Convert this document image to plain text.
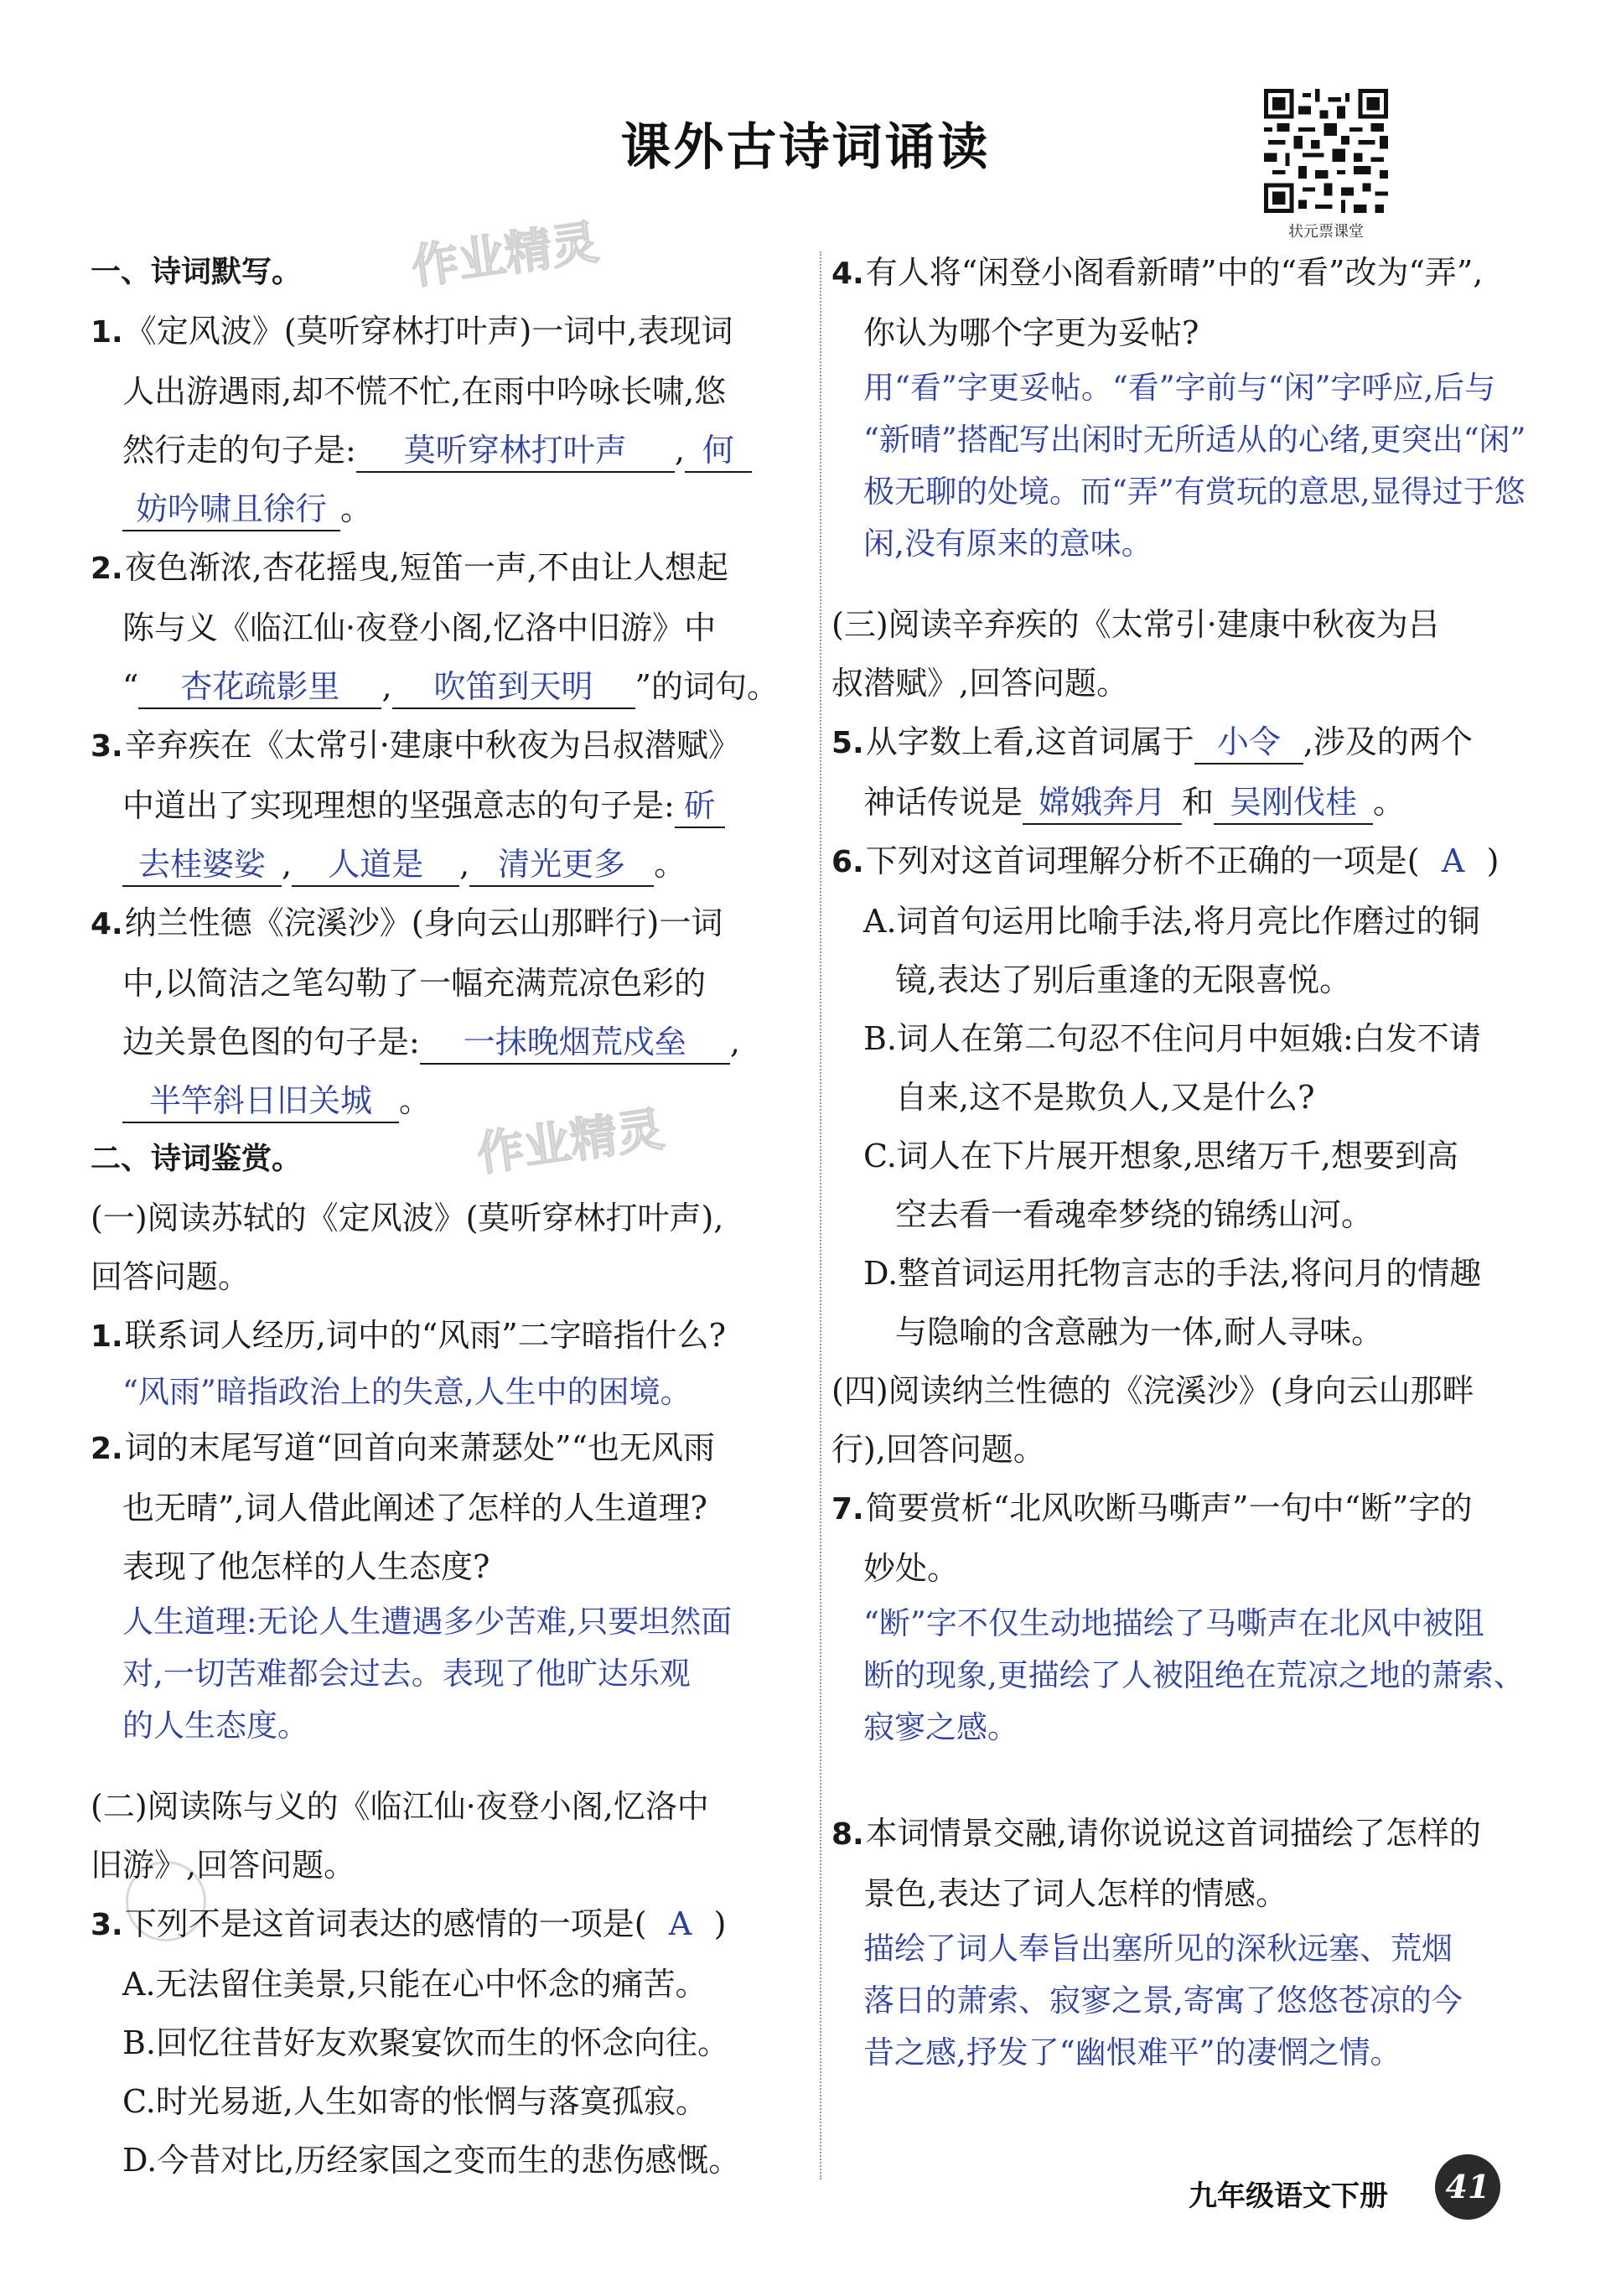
课外古诗词诵读
状元票课堂
作业精灵
作业精灵
一、诗词默写。
1.《定风波》(莫听穿林打叶声)一词中,表现词
人出游遇雨,却不慌不忙,在雨中吟咏长啸,悠
然行走的句子是: 莫听穿林打叶声 , 何
妨吟啸且徐行 。
2.夜色渐浓,杏花摇曳,短笛一声,不由让人想起
陈与义《临江仙·夜登小阁,忆洛中旧游》中
“ 杏花疏影里 , 吹笛到天明 ”的词句。
3.辛弃疾在《太常引·建康中秋夜为吕叔潜赋》
中道出了实现理想的坚强意志的句子是: 斫
去桂婆娑 , 人道是 , 清光更多 。
4.纳兰性德《浣溪沙》(身向云山那畔行)一词
中,以简洁之笔勾勒了一幅充满荒凉色彩的
边关景色图的句子是: 一抹晚烟荒戍垒 ,
半竿斜日旧关城 。
二、诗词鉴赏。
(一)阅读苏轼的《定风波》(莫听穿林打叶声),
回答问题。
1.联系词人经历,词中的“风雨”二字暗指什么?
“风雨”暗指政治上的失意,人生中的困境。
2.词的末尾写道“回首向来萧瑟处”“也无风雨
也无晴”,词人借此阐述了怎样的人生道理?
表现了他怎样的人生态度?
人生道理:无论人生遭遇多少苦难,只要坦然面
对,一切苦难都会过去。表现了他旷达乐观
的人生态度。
(二)阅读陈与义的《临江仙·夜登小阁,忆洛中
旧游》,回答问题。
3.下列不是这首词表达的感情的一项是( A )
A.无法留住美景,只能在心中怀念的痛苦。
B.回忆往昔好友欢聚宴饮而生的怀念向往。
C.时光易逝,人生如寄的怅惘与落寞孤寂。
D.今昔对比,历经家国之变而生的悲伤感慨。
4.有人将“闲登小阁看新晴”中的“看”改为“弄”,
你认为哪个字更为妥帖?
用“看”字更妥帖。“看”字前与“闲”字呼应,后与
“新晴”搭配写出闲时无所适从的心绪,更突出“闲”
极无聊的处境。而“弄”有赏玩的意思,显得过于悠
闲,没有原来的意味。
(三)阅读辛弃疾的《太常引·建康中秋夜为吕
叔潜赋》,回答问题。
5.从字数上看,这首词属于 小令 ,涉及的两个
神话传说是 嫦娥奔月 和 吴刚伐桂 。
6.下列对这首词理解分析不正确的一项是( A )
A.词首句运用比喻手法,将月亮比作磨过的铜
镜,表达了别后重逢的无限喜悦。
B.词人在第二句忍不住问月中姮娥:白发不请
自来,这不是欺负人,又是什么?
C.词人在下片展开想象,思绪万千,想要到高
空去看一看魂牵梦绕的锦绣山河。
D.整首词运用托物言志的手法,将问月的情趣
与隐喻的含意融为一体,耐人寻味。
(四)阅读纳兰性德的《浣溪沙》(身向云山那畔
行),回答问题。
7.简要赏析“北风吹断马嘶声”一句中“断”字的
妙处。
“断”字不仅生动地描绘了马嘶声在北风中被阻
断的现象,更描绘了人被阻绝在荒凉之地的萧索、
寂寥之感。
8.本词情景交融,请你说说这首词描绘了怎样的
景色,表达了词人怎样的情感。
描绘了词人奉旨出塞所见的深秋远塞、荒烟
落日的萧索、寂寥之景,寄寓了悠悠苍凉的今
昔之感,抒发了“幽恨难平”的凄惘之情。
九年级语文下册	41
